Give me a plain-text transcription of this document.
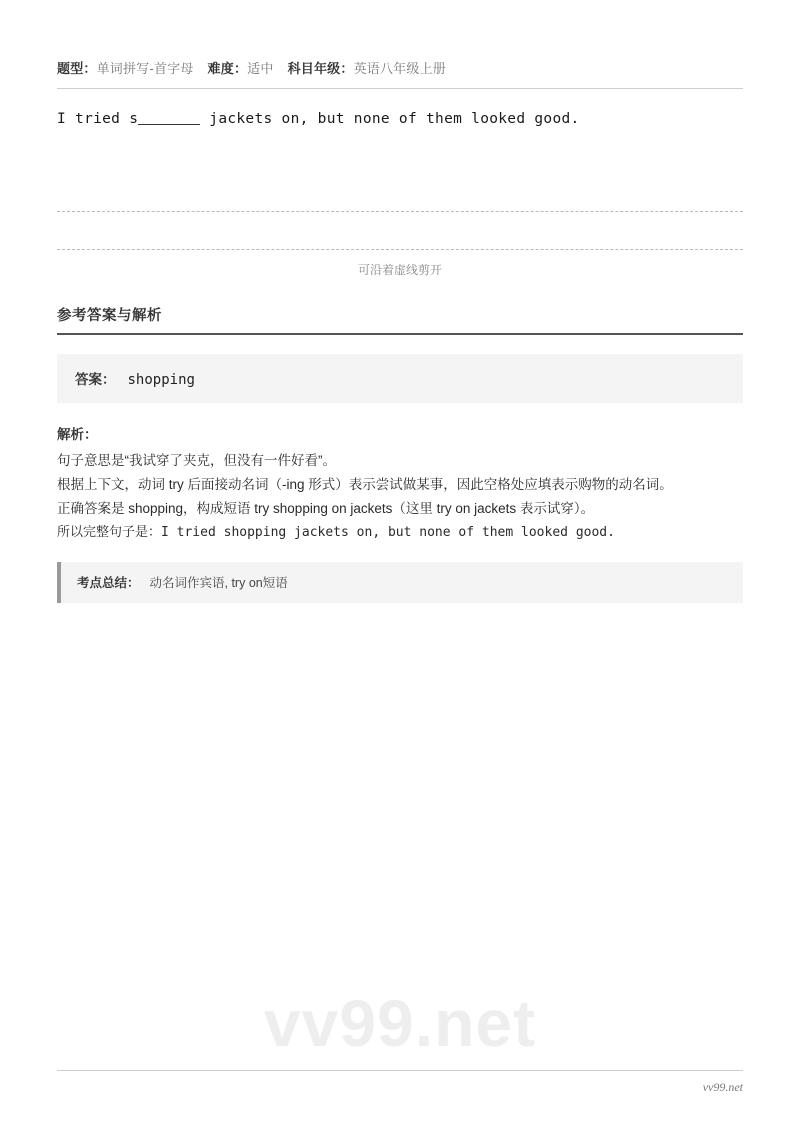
题型：单词拼写-首字母 难度：适中 科目年级：英语八年级上册
I tried s	jackets on, but none of them looked good.
可沿着虚线剪开
参考答案与解析
答案： shopping
解析：

句子意思是“我试穿了夹克，但没有一件好看”。

根据上下文，动词 try 后面接动名词（-ing 形式）表示尝试做某事，因此空格处应填表示购物的动名词。

正确答案是 shopping，构成短语 try shopping on jackets（这里 try on jackets 表示试穿）。

所以完整句子是：I tried shopping jackets on, but none of them looked good.

考点总结： 动名词作宾语, try on短语
vv99.net
vv99.net
